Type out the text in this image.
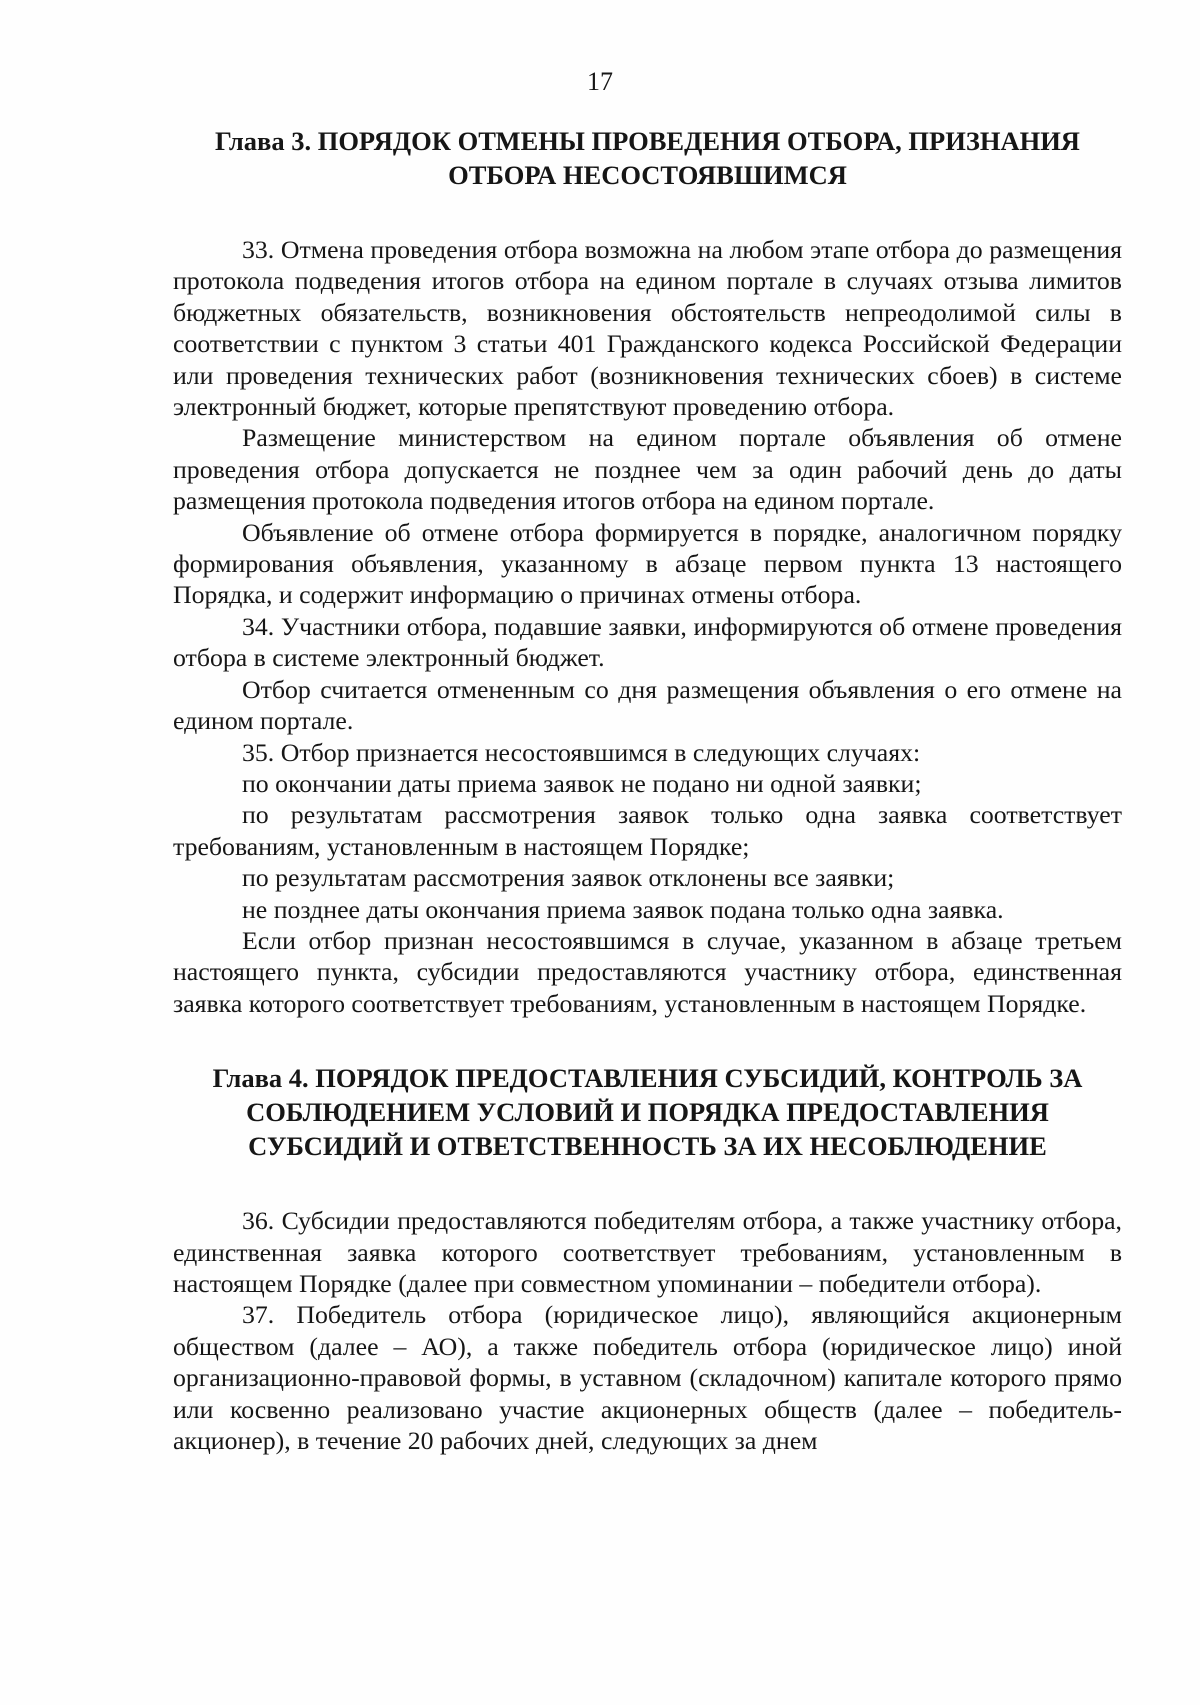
17
Глава 3. ПОРЯДОК ОТМЕНЫ ПРОВЕДЕНИЯ ОТБОРА, ПРИЗНАНИЯ
ОТБОРА НЕСОСТОЯВШИМСЯ

33. Отмена проведения отбора возможна на любом этапе отбора до размещения протокола подведения итогов отбора на едином портале в случаях отзыва лимитов бюджетных обязательств, возникновения обстоятельств непреодолимой силы в соответствии с пунктом 3 статьи 401 Гражданского кодекса Российской Федерации или проведения технических работ (возникновения технических сбоев) в системе электронный бюджет, которые препятствуют проведению отбора.

Размещение министерством на едином портале объявления об отмене проведения отбора допускается не позднее чем за один рабочий день до даты размещения протокола подведения итогов отбора на едином портале.

Объявление об отмене отбора формируется в порядке, аналогичном порядку формирования объявления, указанному в абзаце первом пункта 13 настоящего Порядка, и содержит информацию о причинах отмены отбора.

34. Участники отбора, подавшие заявки, информируются об отмене проведения отбора в системе электронный бюджет.

Отбор считается отмененным со дня размещения объявления о его отмене на едином портале.

35. Отбор признается несостоявшимся в следующих случаях:

по окончании даты приема заявок не подано ни одной заявки;

по результатам рассмотрения заявок только одна заявка соответствует требованиям, установленным в настоящем Порядке;

по результатам рассмотрения заявок отклонены все заявки;

не позднее даты окончания приема заявок подана только одна заявка.

Если отбор признан несостоявшимся в случае, указанном в абзаце третьем настоящего пункта, субсидии предоставляются участнику отбора, единственная заявка которого соответствует требованиям, установленным в настоящем Порядке.

Глава 4. ПОРЯДОК ПРЕДОСТАВЛЕНИЯ СУБСИДИЙ, КОНТРОЛЬ ЗА
СОБЛЮДЕНИЕМ УСЛОВИЙ И ПОРЯДКА ПРЕДОСТАВЛЕНИЯ
СУБСИДИЙ И ОТВЕТСТВЕННОСТЬ ЗА ИХ НЕСОБЛЮДЕНИЕ

36. Субсидии предоставляются победителям отбора, а также участнику отбора, единственная заявка которого соответствует требованиям, установленным в настоящем Порядке (далее при совместном упоминании – победители отбора).

37. Победитель отбора (юридическое лицо), являющийся акционерным обществом (далее – АО), а также победитель отбора (юридическое лицо) иной организационно-правовой формы, в уставном (складочном) капитале которого прямо или косвенно реализовано участие акционерных обществ (далее – победитель-акционер), в течение 20 рабочих дней, следующих за днем
